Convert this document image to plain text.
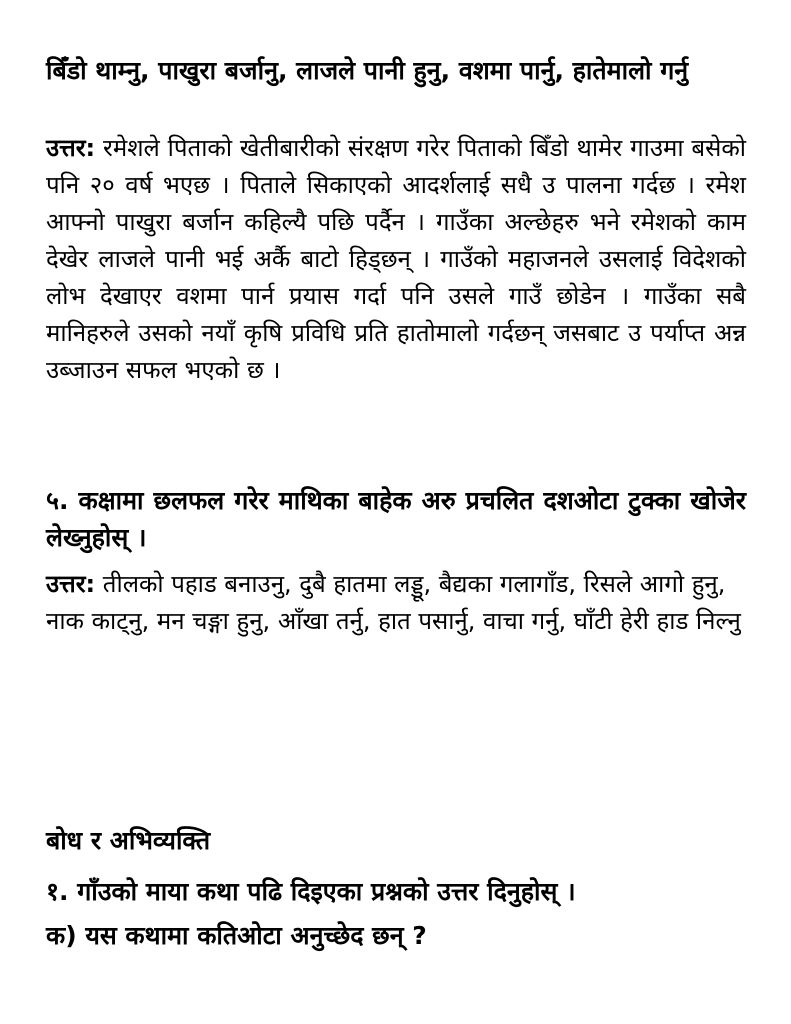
बिँडो थाम्नु, पाखुरा बर्जानु, लाजले पानी हुनु, वशमा पार्नु, हातेमालो गर्नु
उत्तर: रमेशले पिताको खेतीबारीको संरक्षण गरेर पिताको बिँडो थामेर गाउमा बसेको पनि २० वर्ष भएछ । पिताले सिकाएको आदर्शलाई सधै उ पालना गर्दछ । रमेश आफ्नो पाखुरा बर्जान कहिल्यै पछि पर्दैन । गाउँका अल्छेहरु भने रमेशको काम देखेर लाजले पानी भई अर्कै बाटो हिड्छन् । गाउँको महाजनले उसलाई विदेशको लोभ देखाएर वशमा पार्न प्रयास गर्दा पनि उसले गाउँ छोडेन । गाउँका सबै मानिहरुले उसको नयाँ कृषि प्रविधि प्रति हातोमालो गर्दछन् जसबाट उ पर्याप्त अन्न उब्जाउन सफल भएको छ ।
५. कक्षामा छलफल गरेर माथिका बाहेक अरु प्रचलित दशओटा टुक्का खोजेर लेख्नुहोस् ।
उत्तर: तीलको पहाड बनाउनु, दुबै हातमा लड्डू, बैद्यका गलागाँड, रिसले आगो हुनु, नाक काट्नु, मन चङ्गा हुनु, आँखा तर्नु, हात पसार्नु, वाचा गर्नु, घाँटी हेरी हाड निल्नु
बोध र अभिव्यक्ति
१. गाँउको माया कथा पढि दिइएका प्रश्नको उत्तर दिनुहोस् ।
क) यस कथामा कतिओटा अनुच्छेद छन् ?
